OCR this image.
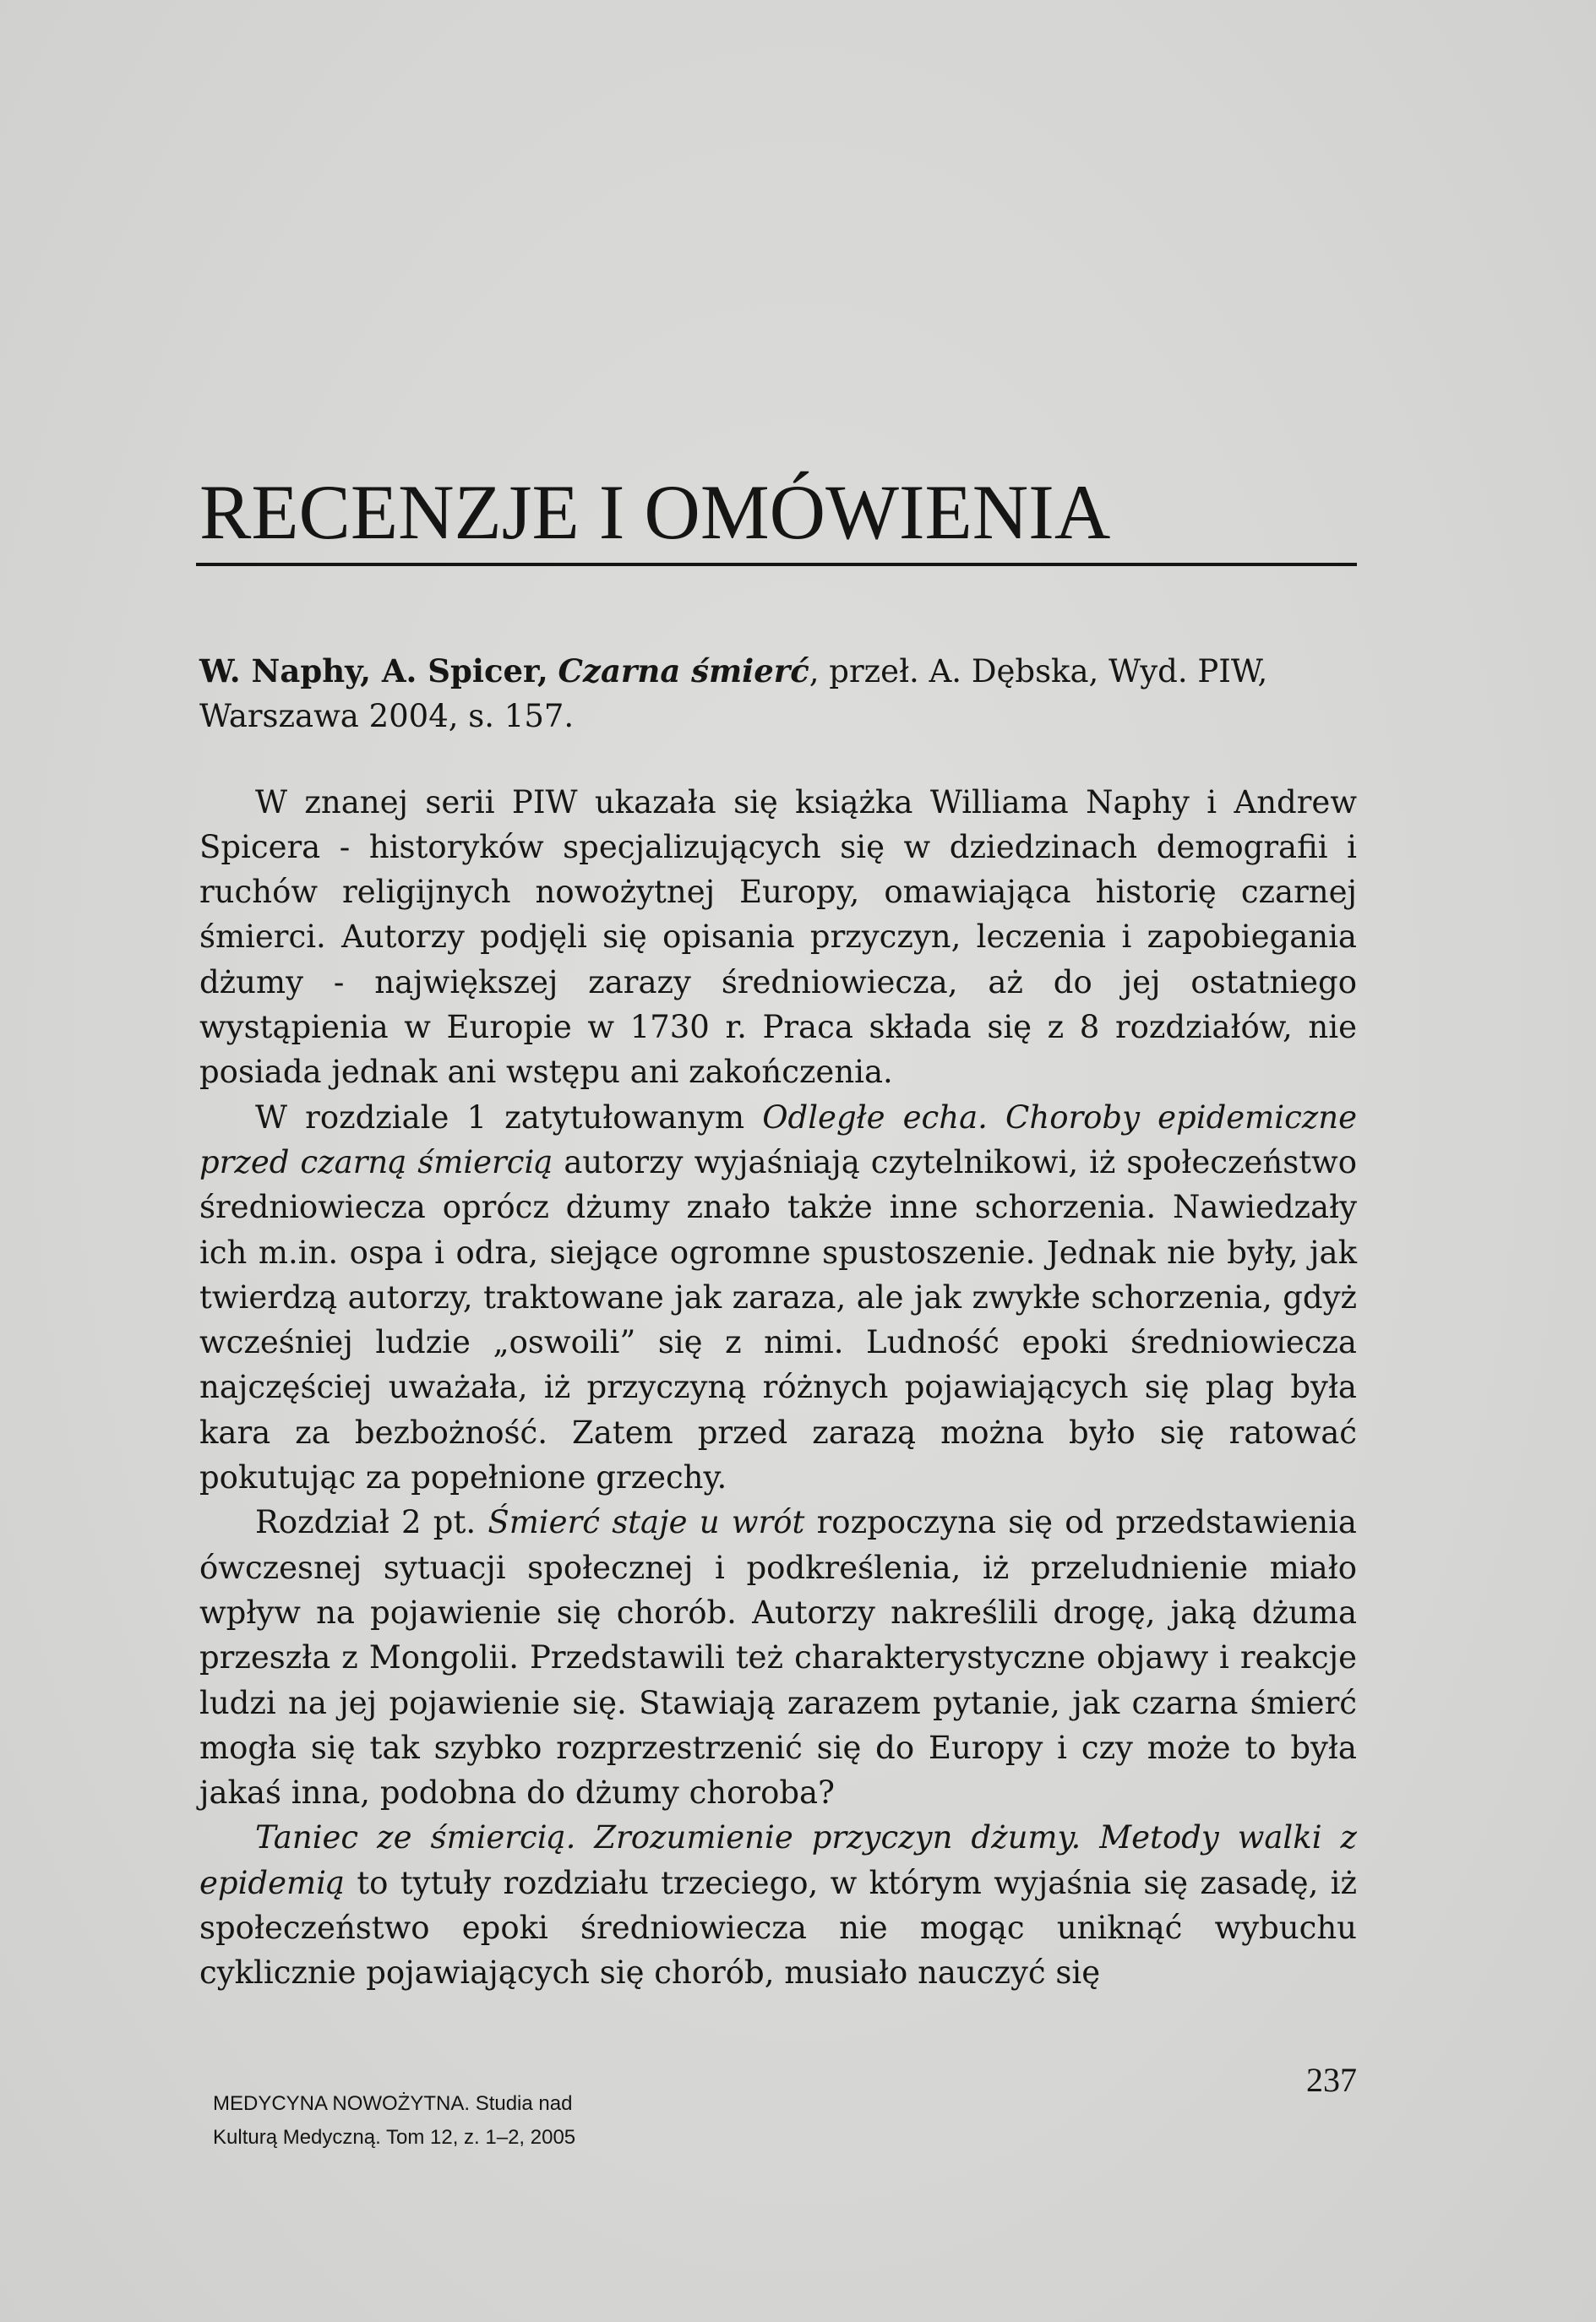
RECENZJE I OMÓWIENIA

W. Naphy, A. Spicer, Czarna śmierć, przeł. A. Dębska, Wyd. PIW, Warszawa 2004, s. 157.

W znanej serii PIW ukazała się książka Williama Naphy i Andrew Spicera - historyków specjalizujących się w dziedzinach demografii i ruchów religijnych nowożytnej Europy, omawiająca historię czarnej śmierci. Autorzy podjęli się opisania przyczyn, leczenia i zapobiegania dżumy - największej zarazy średniowiecza, aż do jej ostatniego wystąpienia w Europie w 1730 r. Praca składa się z 8 rozdziałów, nie posiada jednak ani wstępu ani zakończenia.

W rozdziale 1 zatytułowanym Odległe echa. Choroby epidemiczne przed czarną śmiercią autorzy wyjaśniają czytelnikowi, iż społeczeństwo średniowiecza oprócz dżumy znało także inne schorzenia. Nawiedzały ich m.in. ospa i odra, siejące ogromne spustoszenie. Jednak nie były, jak twierdzą autorzy, traktowane jak zaraza, ale jak zwykłe schorzenia, gdyż wcześniej ludzie „oswoili” się z nimi. Ludność epoki średniowiecza najczęściej uważała, iż przyczyną różnych pojawiających się plag była kara za bezbożność. Zatem przed zarazą można było się ratować pokutując za popełnione grzechy.

Rozdział 2 pt. Śmierć staje u wrót rozpoczyna się od przedstawienia ówczesnej sytuacji społecznej i podkreślenia, iż przeludnienie miało wpływ na pojawienie się chorób. Autorzy nakreślili drogę, jaką dżuma przeszła z Mongolii. Przedstawili też charakterystyczne objawy i reakcje ludzi na jej pojawienie się. Stawiają zarazem pytanie, jak czarna śmierć mogła się tak szybko rozprzestrzenić się do Europy i czy może to była jakaś inna, podobna do dżumy choroba?

Taniec ze śmiercią. Zrozumienie przyczyn dżumy. Metody walki z epidemią to tytuły rozdziału trzeciego, w którym wyjaśnia się zasadę, iż społeczeństwo epoki średniowiecza nie mogąc uniknąć wybuchu cyklicznie pojawiających się chorób, musiało nauczyć się

237
MEDYCYNA NOWOŻYTNA. Studia nad
Kulturą Medyczną. Tom 12, z. 1–2, 2005
